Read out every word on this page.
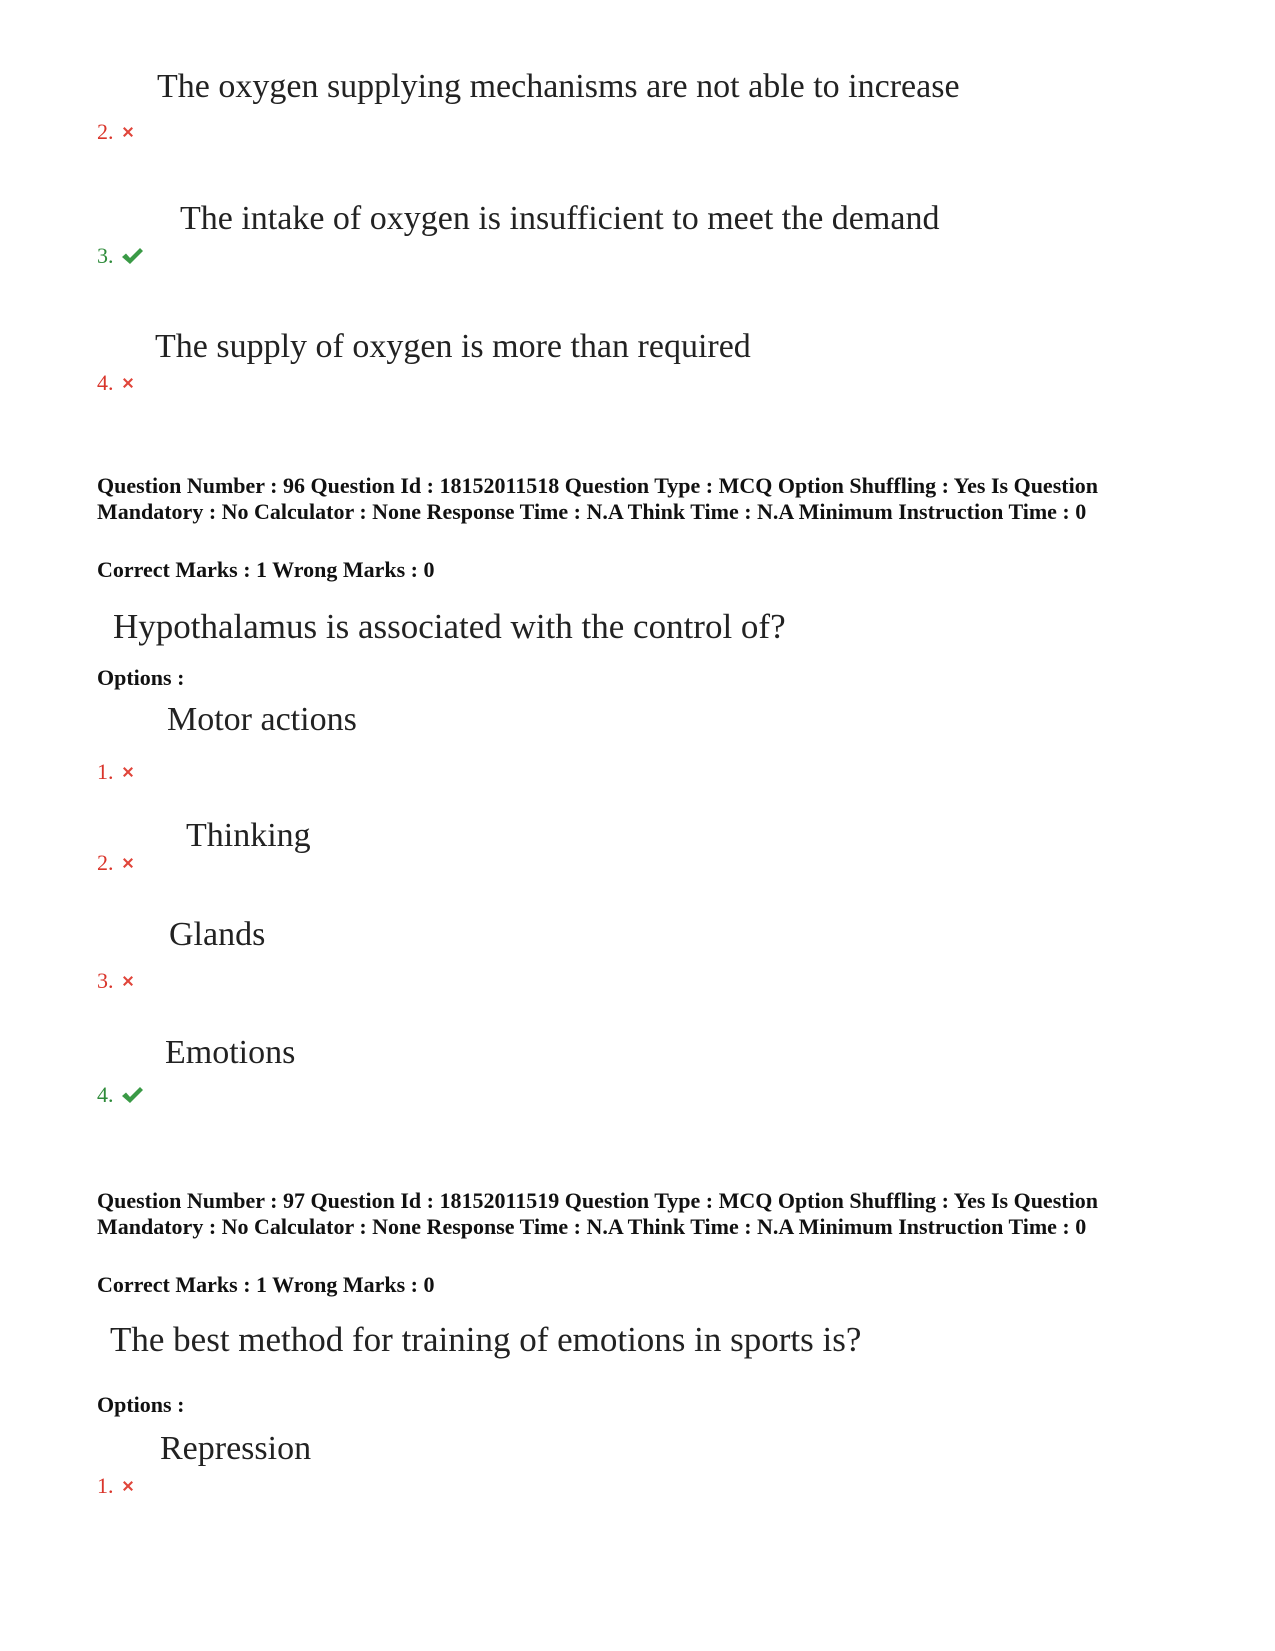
The oxygen supplying mechanisms are not able to increase
2.
The intake of oxygen is insufficient to meet the demand
3.
The supply of oxygen is more than required
4.
Question Number : 96 Question Id : 18152011518 Question Type : MCQ Option Shuffling : Yes Is Question Mandatory : No Calculator : None Response Time : N.A Think Time : N.A Minimum Instruction Time : 0
Correct Marks : 1 Wrong Marks : 0
Hypothalamus is associated with the control of?
Options :
Motor actions
1.
Thinking
2.
Glands
3.
Emotions
4.
Question Number : 97 Question Id : 18152011519 Question Type : MCQ Option Shuffling : Yes Is Question Mandatory : No Calculator : None Response Time : N.A Think Time : N.A Minimum Instruction Time : 0
Correct Marks : 1 Wrong Marks : 0
The best method for training of emotions in sports is?
Options :
Repression
1.
